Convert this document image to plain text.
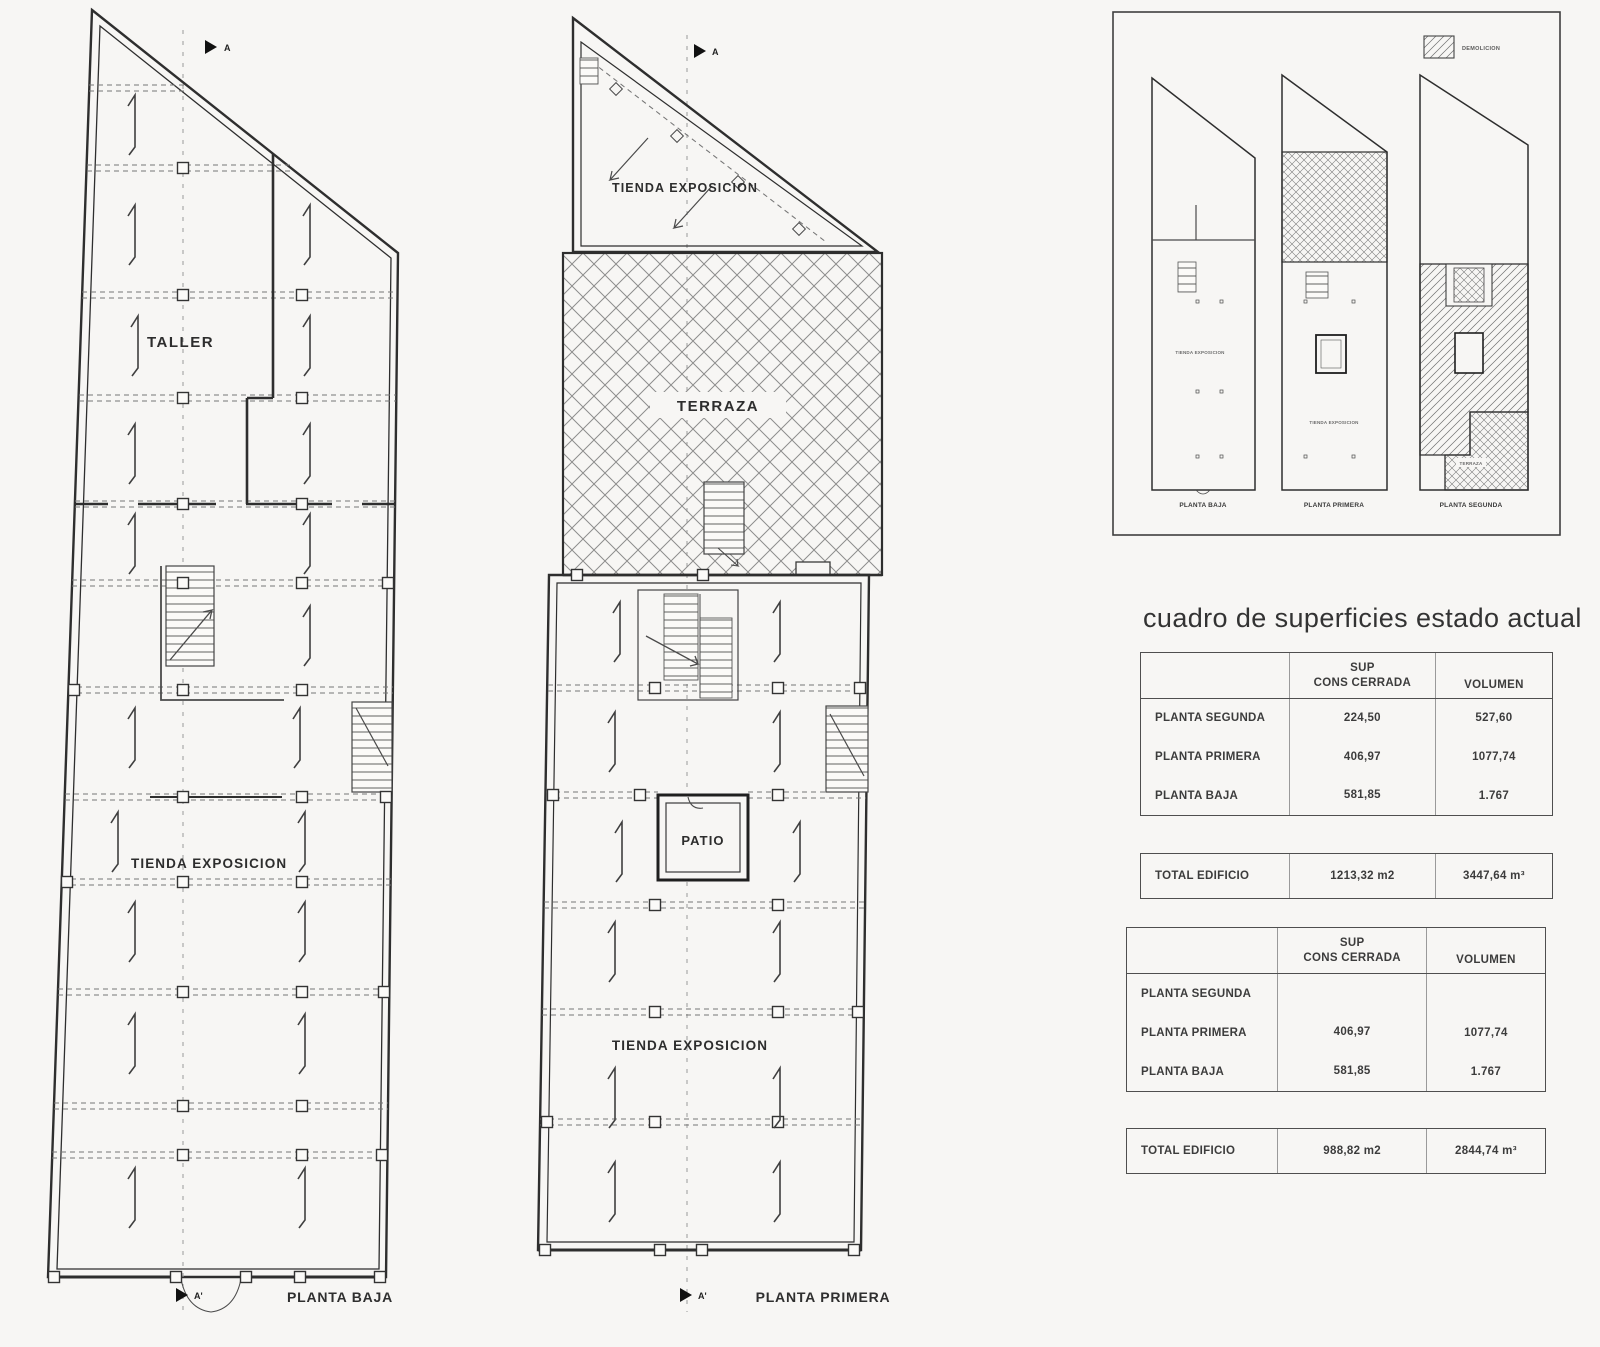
A
A'
TALLER
TIENDA EXPOSICION
PLANTA BAJA
A
TIENDA EXPOSICION
TERRAZA
PATIO
TIENDA EXPOSICION
A'	PLANTA PRIMERA
DEMOLICION
TIENDA EXPOSICION
PLANTA BAJA
TIENDA EXPOSICION
PLANTA PRIMERA
TERRAZA
PLANTA SEGUNDA
cuadro de superficies estado actual
SUP
CONS CERRADA	VOLUMEN
PLANTA SEGUNDA	224,50	527,60
PLANTA PRIMERA	406,97	1077,74
PLANTA BAJA	581,85	1.767
TOTAL EDIFICIO	1213,32 m2	3447,64 m³
SUP
CONS CERRADA	VOLUMEN
PLANTA SEGUNDA
PLANTA PRIMERA	406,97	1077,74
PLANTA BAJA	581,85	1.767
TOTAL EDIFICIO	988,82 m2	2844,74 m³
